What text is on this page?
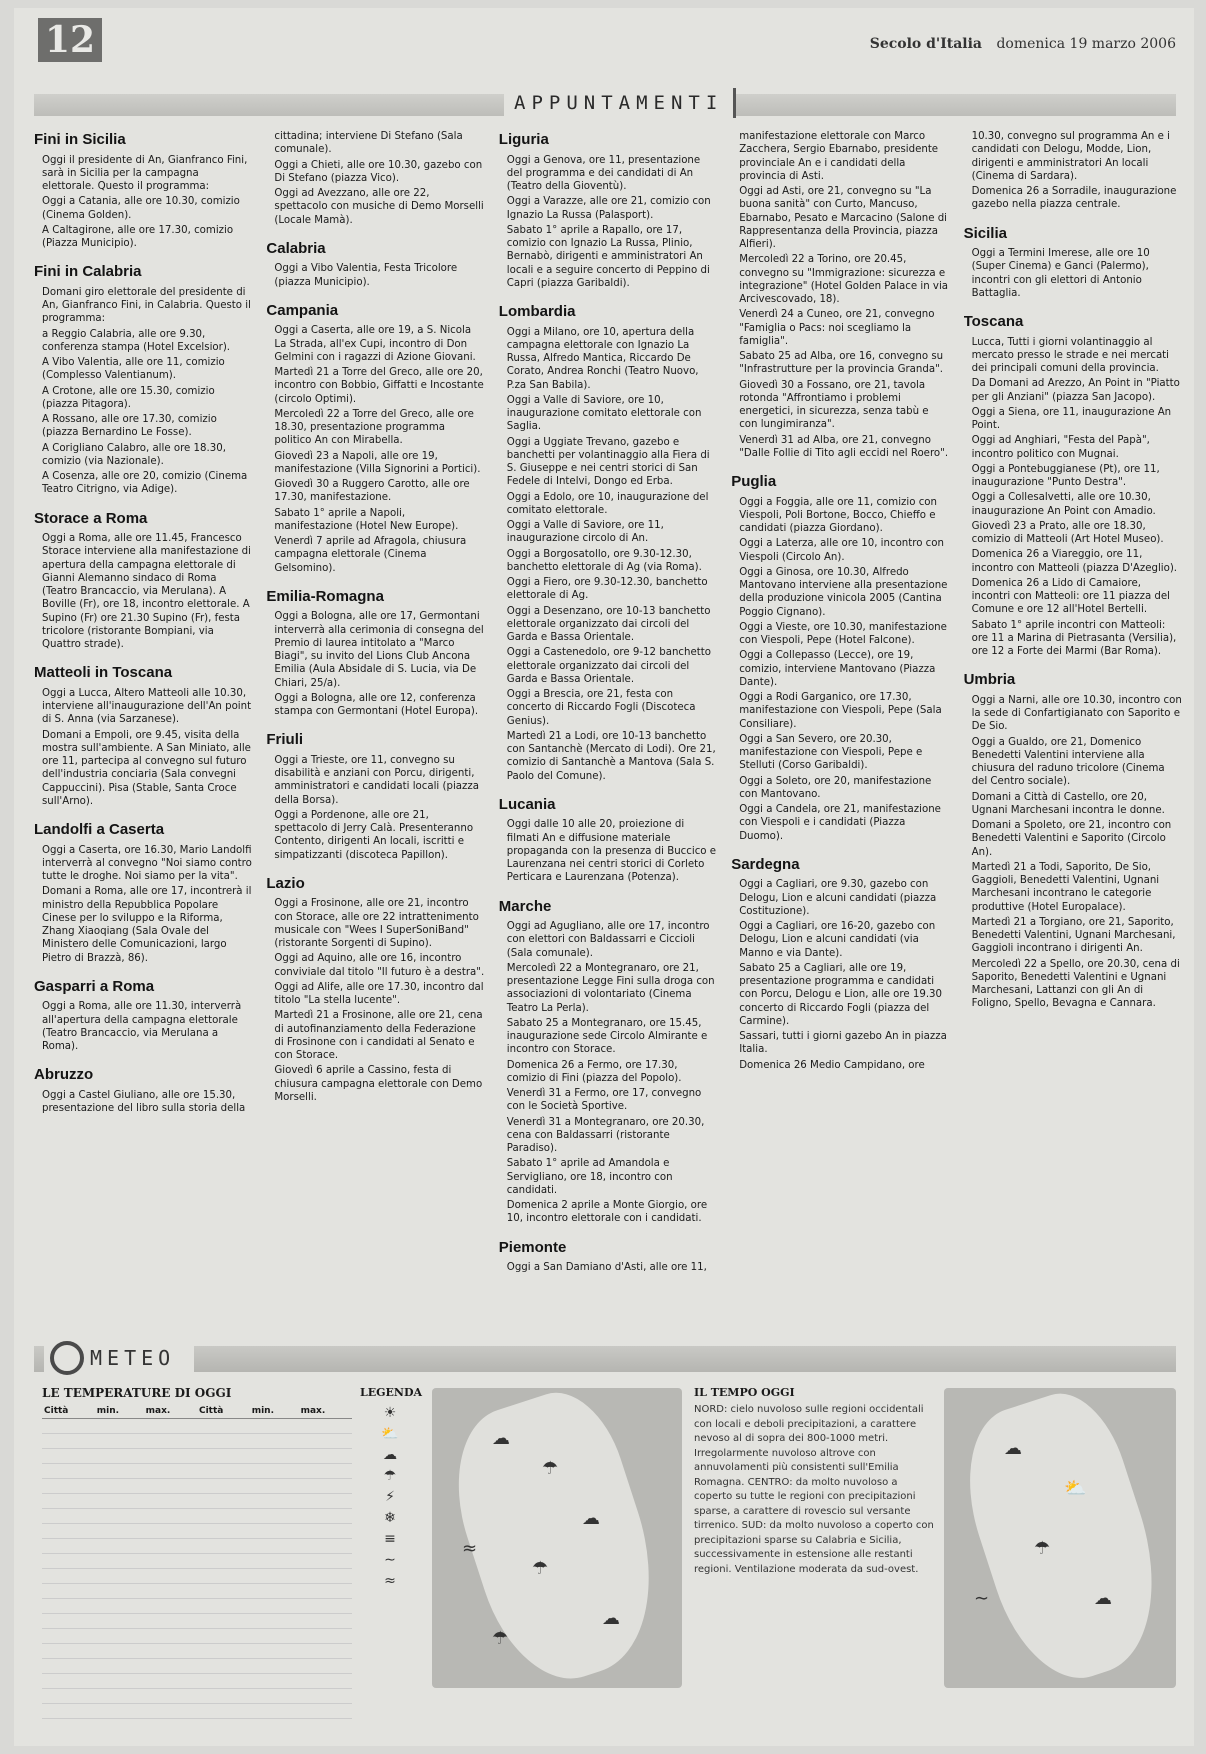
12	Secolo d'Italia domenica 19 marzo 2006
APPUNTAMENTI
Fini in Sicilia

Oggi il presidente di An, Gianfranco Fini, sarà in Sicilia per la campagna elettorale. Questo il programma:

Oggi a Catania, alle ore 10.30, comizio (Cinema Golden).

A Caltagirone, alle ore 17.30, comizio (Piazza Municipio).

Fini in Calabria

Domani giro elettorale del presidente di An, Gianfranco Fini, in Calabria. Questo il programma:

a Reggio Calabria, alle ore 9.30, conferenza stampa (Hotel Excelsior).

A Vibo Valentia, alle ore 11, comizio (Complesso Valentianum).

A Crotone, alle ore 15.30, comizio (piazza Pitagora).

A Rossano, alle ore 17.30, comizio (piazza Bernardino Le Fosse).

A Corigliano Calabro, alle ore 18.30, comizio (via Nazionale).

A Cosenza, alle ore 20, comizio (Cinema Teatro Citrigno, via Adige).

Storace a Roma

Oggi a Roma, alle ore 11.45, Francesco Storace interviene alla manifestazione di apertura della campagna elettorale di Gianni Alemanno sindaco di Roma (Teatro Brancaccio, via Merulana). A Boville (Fr), ore 18, incontro elettorale. A Supino (Fr) ore 21.30 Supino (Fr), festa tricolore (ristorante Bompiani, via Quattro strade).

Matteoli in Toscana

Oggi a Lucca, Altero Matteoli alle 10.30, interviene all'inaugurazione dell'An point di S. Anna (via Sarzanese).

Domani a Empoli, ore 9.45, visita della mostra sull'ambiente. A San Miniato, alle ore 11, partecipa al convegno sul futuro dell'industria conciaria (Sala convegni Cappuccini). Pisa (Stable, Santa Croce sull'Arno).

Landolfi a Caserta

Oggi a Caserta, ore 16.30, Mario Landolfi interverrà al convegno "Noi siamo contro tutte le droghe. Noi siamo per la vita".

Domani a Roma, alle ore 17, incontrerà il ministro della Repubblica Popolare Cinese per lo sviluppo e la Riforma, Zhang Xiaoqiang (Sala Ovale del Ministero delle Comunicazioni, largo Pietro di Brazzà, 86).

Gasparri a Roma

Oggi a Roma, alle ore 11.30, interverrà all'apertura della campagna elettorale (Teatro Brancaccio, via Merulana a Roma).

Abruzzo

Oggi a Castel Giuliano, alle ore 15.30, presentazione del libro sulla storia della

cittadina; interviene Di Stefano (Sala comunale).

Oggi a Chieti, alle ore 10.30, gazebo con Di Stefano (piazza Vico).

Oggi ad Avezzano, alle ore 22, spettacolo con musiche di Demo Morselli (Locale Mamà).

Calabria

Oggi a Vibo Valentia, Festa Tricolore (piazza Municipio).

Campania

Oggi a Caserta, alle ore 19, a S. Nicola La Strada, all'ex Cupi, incontro di Don Gelmini con i ragazzi di Azione Giovani.

Martedì 21 a Torre del Greco, alle ore 20, incontro con Bobbio, Giffatti e Incostante (circolo Optimi).

Mercoledì 22 a Torre del Greco, alle ore 18.30, presentazione programma politico An con Mirabella.

Giovedì 23 a Napoli, alle ore 19, manifestazione (Villa Signorini a Portici).

Giovedì 30 a Ruggero Carotto, alle ore 17.30, manifestazione.

Sabato 1° aprile a Napoli, manifestazione (Hotel New Europe).

Venerdì 7 aprile ad Afragola, chiusura campagna elettorale (Cinema Gelsomino).

Emilia-Romagna

Oggi a Bologna, alle ore 17, Germontani interverrà alla cerimonia di consegna del Premio di laurea intitolato a "Marco Biagi", su invito del Lions Club Ancona Emilia (Aula Absidale di S. Lucia, via De Chiari, 25/a).

Oggi a Bologna, alle ore 12, conferenza stampa con Germontani (Hotel Europa).

Friuli

Oggi a Trieste, ore 11, convegno su disabilità e anziani con Porcu, dirigenti, amministratori e candidati locali (piazza della Borsa).

Oggi a Pordenone, alle ore 21, spettacolo di Jerry Calà. Presenteranno Contento, dirigenti An locali, iscritti e simpatizzanti (discoteca Papillon).

Lazio

Oggi a Frosinone, alle ore 21, incontro con Storace, alle ore 22 intrattenimento musicale con "Wees I SuperSoniBand" (ristorante Sorgenti di Supino).

Oggi ad Aquino, alle ore 16, incontro conviviale dal titolo "Il futuro è a destra".

Oggi ad Alife, alle ore 17.30, incontro dal titolo "La stella lucente".

Martedì 21 a Frosinone, alle ore 21, cena di autofinanziamento della Federazione di Frosinone con i candidati al Senato e con Storace.

Giovedì 6 aprile a Cassino, festa di chiusura campagna elettorale con Demo Morselli.

Liguria

Oggi a Genova, ore 11, presentazione del programma e dei candidati di An (Teatro della Gioventù).

Oggi a Varazze, alle ore 21, comizio con Ignazio La Russa (Palasport).

Sabato 1° aprile a Rapallo, ore 17, comizio con Ignazio La Russa, Plinio, Bernabò, dirigenti e amministratori An locali e a seguire concerto di Peppino di Capri (piazza Garibaldi).

Lombardia

Oggi a Milano, ore 10, apertura della campagna elettorale con Ignazio La Russa, Alfredo Mantica, Riccardo De Corato, Andrea Ronchi (Teatro Nuovo, P.za San Babila).

Oggi a Valle di Saviore, ore 10, inaugurazione comitato elettorale con Saglia.

Oggi a Uggiate Trevano, gazebo e banchetti per volantinaggio alla Fiera di S. Giuseppe e nei centri storici di San Fedele di Intelvi, Dongo ed Erba.

Oggi a Edolo, ore 10, inaugurazione del comitato elettorale.

Oggi a Valle di Saviore, ore 11, inaugurazione circolo di An.

Oggi a Borgosatollo, ore 9.30-12.30, banchetto elettorale di Ag (via Roma).

Oggi a Fiero, ore 9.30-12.30, banchetto elettorale di Ag.

Oggi a Desenzano, ore 10-13 banchetto elettorale organizzato dai circoli del Garda e Bassa Orientale.

Oggi a Castenedolo, ore 9-12 banchetto elettorale organizzato dai circoli del Garda e Bassa Orientale.

Oggi a Brescia, ore 21, festa con concerto di Riccardo Fogli (Discoteca Genius).

Martedì 21 a Lodi, ore 10-13 banchetto con Santanchè (Mercato di Lodi). Ore 21, comizio di Santanchè a Mantova (Sala S. Paolo del Comune).

Lucania

Oggi dalle 10 alle 20, proiezione di filmati An e diffusione materiale propaganda con la presenza di Buccico e Laurenzana nei centri storici di Corleto Perticara e Laurenzana (Potenza).

Marche

Oggi ad Agugliano, alle ore 17, incontro con elettori con Baldassarri e Ciccioli (Sala comunale).

Mercoledì 22 a Montegranaro, ore 21, presentazione Legge Fini sulla droga con associazioni di volontariato (Cinema Teatro La Perla).

Sabato 25 a Montegranaro, ore 15.45, inaugurazione sede Circolo Almirante e incontro con Storace.

Domenica 26 a Fermo, ore 17.30, comizio di Fini (piazza del Popolo).

Venerdì 31 a Fermo, ore 17, convegno con le Società Sportive.

Venerdì 31 a Montegranaro, ore 20.30, cena con Baldassarri (ristorante Paradiso).

Sabato 1° aprile ad Amandola e Servigliano, ore 18, incontro con candidati.

Domenica 2 aprile a Monte Giorgio, ore 10, incontro elettorale con i candidati.

Piemonte

Oggi a San Damiano d'Asti, alle ore 11,

manifestazione elettorale con Marco Zacchera, Sergio Ebarnabo, presidente provinciale An e i candidati della provincia di Asti.

Oggi ad Asti, ore 21, convegno su "La buona sanità" con Curto, Mancuso, Ebarnabo, Pesato e Marcacino (Salone di Rappresentanza della Provincia, piazza Alfieri).

Mercoledì 22 a Torino, ore 20.45, convegno su "Immigrazione: sicurezza e integrazione" (Hotel Golden Palace in via Arcivescovado, 18).

Venerdì 24 a Cuneo, ore 21, convegno "Famiglia o Pacs: noi scegliamo la famiglia".

Sabato 25 ad Alba, ore 16, convegno su "Infrastrutture per la provincia Granda".

Giovedì 30 a Fossano, ore 21, tavola rotonda "Affrontiamo i problemi energetici, in sicurezza, senza tabù e con lungimiranza".

Venerdì 31 ad Alba, ore 21, convegno "Dalle Follie di Tito agli eccidi nel Roero".

Puglia

Oggi a Foggia, alle ore 11, comizio con Viespoli, Poli Bortone, Bocco, Chieffo e candidati (piazza Giordano).

Oggi a Laterza, alle ore 10, incontro con Viespoli (Circolo An).

Oggi a Ginosa, ore 10.30, Alfredo Mantovano interviene alla presentazione della produzione vinicola 2005 (Cantina Poggio Cignano).

Oggi a Vieste, ore 10.30, manifestazione con Viespoli, Pepe (Hotel Falcone).

Oggi a Collepasso (Lecce), ore 19, comizio, interviene Mantovano (Piazza Dante).

Oggi a Rodi Garganico, ore 17.30, manifestazione con Viespoli, Pepe (Sala Consiliare).

Oggi a San Severo, ore 20.30, manifestazione con Viespoli, Pepe e Stelluti (Corso Garibaldi).

Oggi a Soleto, ore 20, manifestazione con Mantovano.

Oggi a Candela, ore 21, manifestazione con Viespoli e i candidati (Piazza Duomo).

Sardegna

Oggi a Cagliari, ore 9.30, gazebo con Delogu, Lion e alcuni candidati (piazza Costituzione).

Oggi a Cagliari, ore 16-20, gazebo con Delogu, Lion e alcuni candidati (via Manno e via Dante).

Sabato 25 a Cagliari, alle ore 19, presentazione programma e candidati con Porcu, Delogu e Lion, alle ore 19.30 concerto di Riccardo Fogli (piazza del Carmine).

Sassari, tutti i giorni gazebo An in piazza Italia.

Domenica 26 Medio Campidano, ore

10.30, convegno sul programma An e i candidati con Delogu, Modde, Lion, dirigenti e amministratori An locali (Cinema di Sardara).

Domenica 26 a Sorradile, inaugurazione gazebo nella piazza centrale.

Sicilia

Oggi a Termini Imerese, alle ore 10 (Super Cinema) e Ganci (Palermo), incontri con gli elettori di Antonio Battaglia.

Toscana

Lucca, Tutti i giorni volantinaggio al mercato presso le strade e nei mercati dei principali comuni della provincia.

Da Domani ad Arezzo, An Point in "Piatto per gli Anziani" (piazza San Jacopo).

Oggi a Siena, ore 11, inaugurazione An Point.

Oggi ad Anghiari, "Festa del Papà", incontro politico con Mugnai.

Oggi a Pontebuggianese (Pt), ore 11, inaugurazione "Punto Destra".

Oggi a Collesalvetti, alle ore 10.30, inaugurazione An Point con Amadio.

Giovedì 23 a Prato, alle ore 18.30, comizio di Matteoli (Art Hotel Museo).

Domenica 26 a Viareggio, ore 11, incontro con Matteoli (piazza D'Azeglio).

Domenica 26 a Lido di Camaiore, incontri con Matteoli: ore 11 piazza del Comune e ore 12 all'Hotel Bertelli.

Sabato 1° aprile incontri con Matteoli: ore 11 a Marina di Pietrasanta (Versilia), ore 12 a Forte dei Marmi (Bar Roma).

Umbria

Oggi a Narni, alle ore 10.30, incontro con la sede di Confartigianato con Saporito e De Sio.

Oggi a Gualdo, ore 21, Domenico Benedetti Valentini interviene alla chiusura del raduno tricolore (Cinema del Centro sociale).

Domani a Città di Castello, ore 20, Ugnani Marchesani incontra le donne.

Domani a Spoleto, ore 21, incontro con Benedetti Valentini e Saporito (Circolo An).

Martedì 21 a Todi, Saporito, De Sio, Gaggioli, Benedetti Valentini, Ugnani Marchesani incontrano le categorie produttive (Hotel Europalace).

Martedì 21 a Torgiano, ore 21, Saporito, Benedetti Valentini, Ugnani Marchesani, Gaggioli incontrano i dirigenti An.

Mercoledì 22 a Spello, ore 20.30, cena di Saporito, Benedetti Valentini e Ugnani Marchesani, Lattanzi con gli An di Foligno, Spello, Bevagna e Cannara.

METEO
LE TEMPERATURE DI OGGI
Città	min.	max.	Città	min.	max.

LEGENDA
☀
⛅
☁
☂
⚡
❄
≡
∼
≈
☁
☂
☁
☂
≈
☁
☂
IL TEMPO OGGI

NORD: cielo nuvoloso sulle regioni occidentali con locali e deboli precipitazioni, a carattere nevoso al di sopra dei 800-1000 metri. Irregolarmente nuvoloso altrove con annuvolamenti più consistenti sull'Emilia Romagna. CENTRO: da molto nuvoloso a coperto su tutte le regioni con precipitazioni sparse, a carattere di rovescio sul versante tirrenico. SUD: da molto nuvoloso a coperto con precipitazioni sparse su Calabria e Sicilia, successivamente in estensione alle restanti regioni. Ventilazione moderata da sud-ovest.

☁
⛅
☂
☁
∼
